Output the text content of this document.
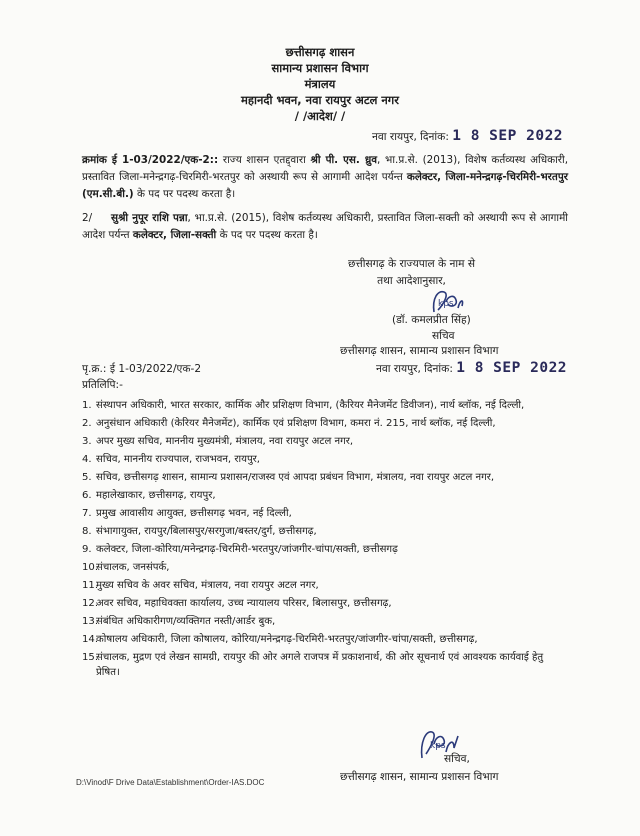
छत्तीसगढ़ शासन
सामान्य प्रशासन विभाग
मंत्रालय
महानदी भवन, नवा रायपुर अटल नगर
/ /आदेश/ /
नवा रायपुर, दिनांक: 1 8 SEP 2022
क्रमांक ई 1-03/2022/एक-2:: राज्य शासन एतद्द्वारा श्री पी. एस. ध्रुव, भा.प्र.से. (2013), विशेष कर्तव्यस्थ अधिकारी, प्रस्तावित जिला-मनेन्द्रगढ़-चिरमिरी-भरतपुर को अस्थायी रूप से आगामी आदेश पर्यन्त कलेक्टर, जिला-मनेन्द्रगढ़-चिरमिरी-भरतपुर (एम.सी.बी.) के पद पर पदस्थ करता है।
2/ सुश्री नुपूर राशि पन्ना, भा.प्र.से. (2015), विशेष कर्तव्यस्थ अधिकारी, प्रस्तावित जिला-सक्ती को अस्थायी रूप से आगामी आदेश पर्यन्त कलेक्टर, जिला-सक्ती के पद पर पदस्थ करता है।
छत्तीसगढ़ के राज्यपाल के नाम से
तथा आदेशानुसार,
kps
(डॉ. कमलप्रीत सिंह)
सचिव
छत्तीसगढ़ शासन, सामान्य प्रशासन विभाग
पृ.क्र.: ई 1-03/2022/एक-2	नवा रायपुर, दिनांक: 1 8 SEP 2022
प्रतिलिपि:-
1. संस्थापन अधिकारी, भारत सरकार, कार्मिक और प्रशिक्षण विभाग, (कैरियर मैनेजमेंट डिवीजन), नार्थ ब्लॉक, नई दिल्ली,
2. अनुसंधान अधिकारी (केरियर मैनेजमेंट), कार्मिक एवं प्रशिक्षण विभाग, कमरा नं. 215, नार्थ ब्लॉक, नई दिल्ली,
3. अपर मुख्य सचिव, माननीय मुख्यमंत्री, मंत्रालय, नवा रायपुर अटल नगर,
4. सचिव, माननीय राज्यपाल, राजभवन, रायपुर,
5. सचिव, छत्तीसगढ़ शासन, सामान्य प्रशासन/राजस्व एवं आपदा प्रबंधन विभाग, मंत्रालय, नवा रायपुर अटल नगर,
6. महालेखाकार, छत्तीसगढ़, रायपुर,
7. प्रमुख आवासीय आयुक्त, छत्तीसगढ़ भवन, नई दिल्ली,
8. संभागायुक्त, रायपुर/बिलासपुर/सरगुजा/बस्तर/दुर्ग, छत्तीसगढ़,
9. कलेक्टर, जिला-कोरिया/मनेन्द्रगढ़-चिरमिरी-भरतपुर/जांजगीर-चांपा/सक्ती, छत्तीसगढ़
10.
संचालक, जनसंपर्क,
11.
मुख्य सचिव के अवर सचिव, मंत्रालय, नवा रायपुर अटल नगर,
12.
अवर सचिव, महाधिवक्ता कार्यालय, उच्च न्यायालय परिसर, बिलासपुर, छत्तीसगढ़,
13.
संबंधित अधिकारीगण/व्यक्तिगत नस्ती/आर्डर बुक,
14.
कोषालय अधिकारी, जिला कोषालय, कोरिया/मनेन्द्रगढ़-चिरमिरी-भरतपुर/जांजगीर-चांपा/सक्ती, छत्तीसगढ़,
15.
संचालक, मुद्रण एवं लेखन सामग्री, रायपुर की ओर अगले राजपत्र में प्रकाशनार्थ, की ओर सूचनार्थ एवं आवश्यक कार्यवाई हेतु प्रेषित।
kps
सचिव,
छत्तीसगढ़ शासन, सामान्य प्रशासन विभाग
D:\Vinod\F Drive Data\Establishment\Order-IAS.DOC
